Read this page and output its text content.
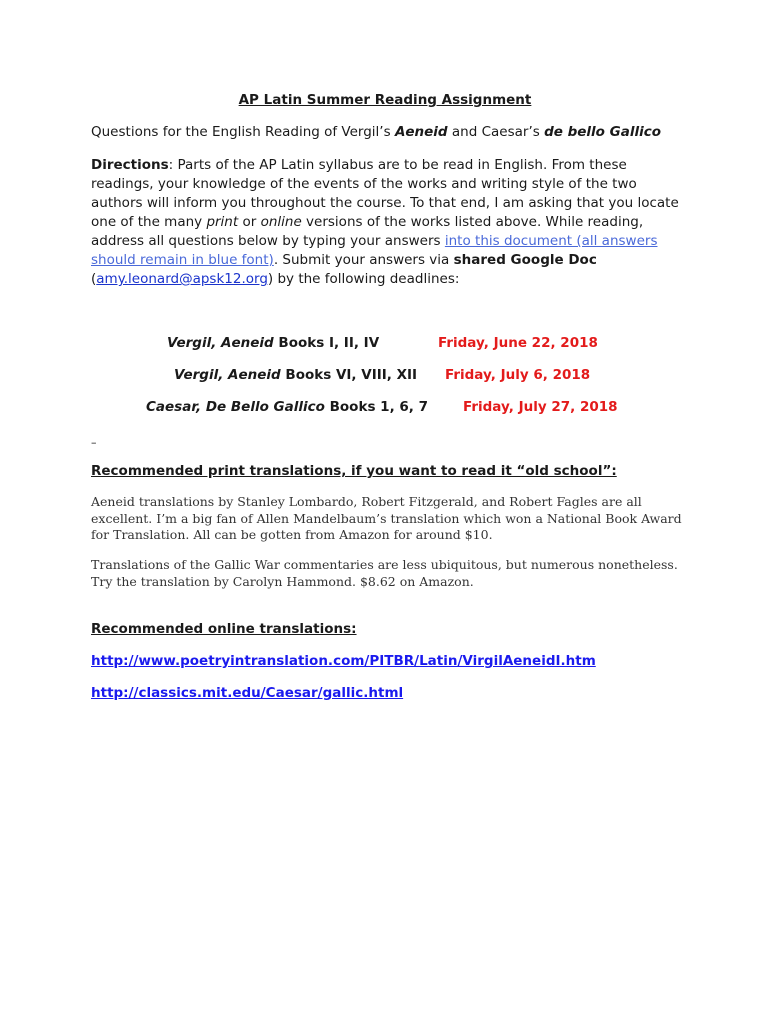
AP Latin Summer Reading Assignment
Questions for the English Reading of Vergil’s Aeneid and Caesar’s de bello Gallico
Directions: Parts of the AP Latin syllabus are to be read in English. From these readings, your knowledge of the events of the works and writing style of the two authors will inform you throughout the course. To that end, I am asking that you locate one of the many print or online versions of the works listed above. While reading, address all questions below by typing your answers into this document (all answers should remain in blue font). Submit your answers via shared Google Doc (amy.leonard@apsk12.org) by the following deadlines:
Vergil, Aeneid Books I, II, IV	Friday, June 22, 2018
Vergil, Aeneid Books VI, VIII, XII Friday, July 6, 2018
Caesar, De Bello Gallico Books 1, 6, 7	Friday, July 27, 2018
–
Recommended print translations, if you want to read it “old school”:
Aeneid translations by Stanley Lombardo, Robert Fitzgerald, and Robert Fagles are all excellent. I’m a big fan of Allen Mandelbaum’s translation which won a National Book Award for Translation. All can be gotten from Amazon for around $10.
Translations of the Gallic War commentaries are less ubiquitous, but numerous nonetheless. Try the translation by Carolyn Hammond. $8.62 on Amazon.
Recommended online translations:
http://www.poetryintranslation.com/PITBR/Latin/VirgilAeneidI.htm
http://classics.mit.edu/Caesar/gallic.html
